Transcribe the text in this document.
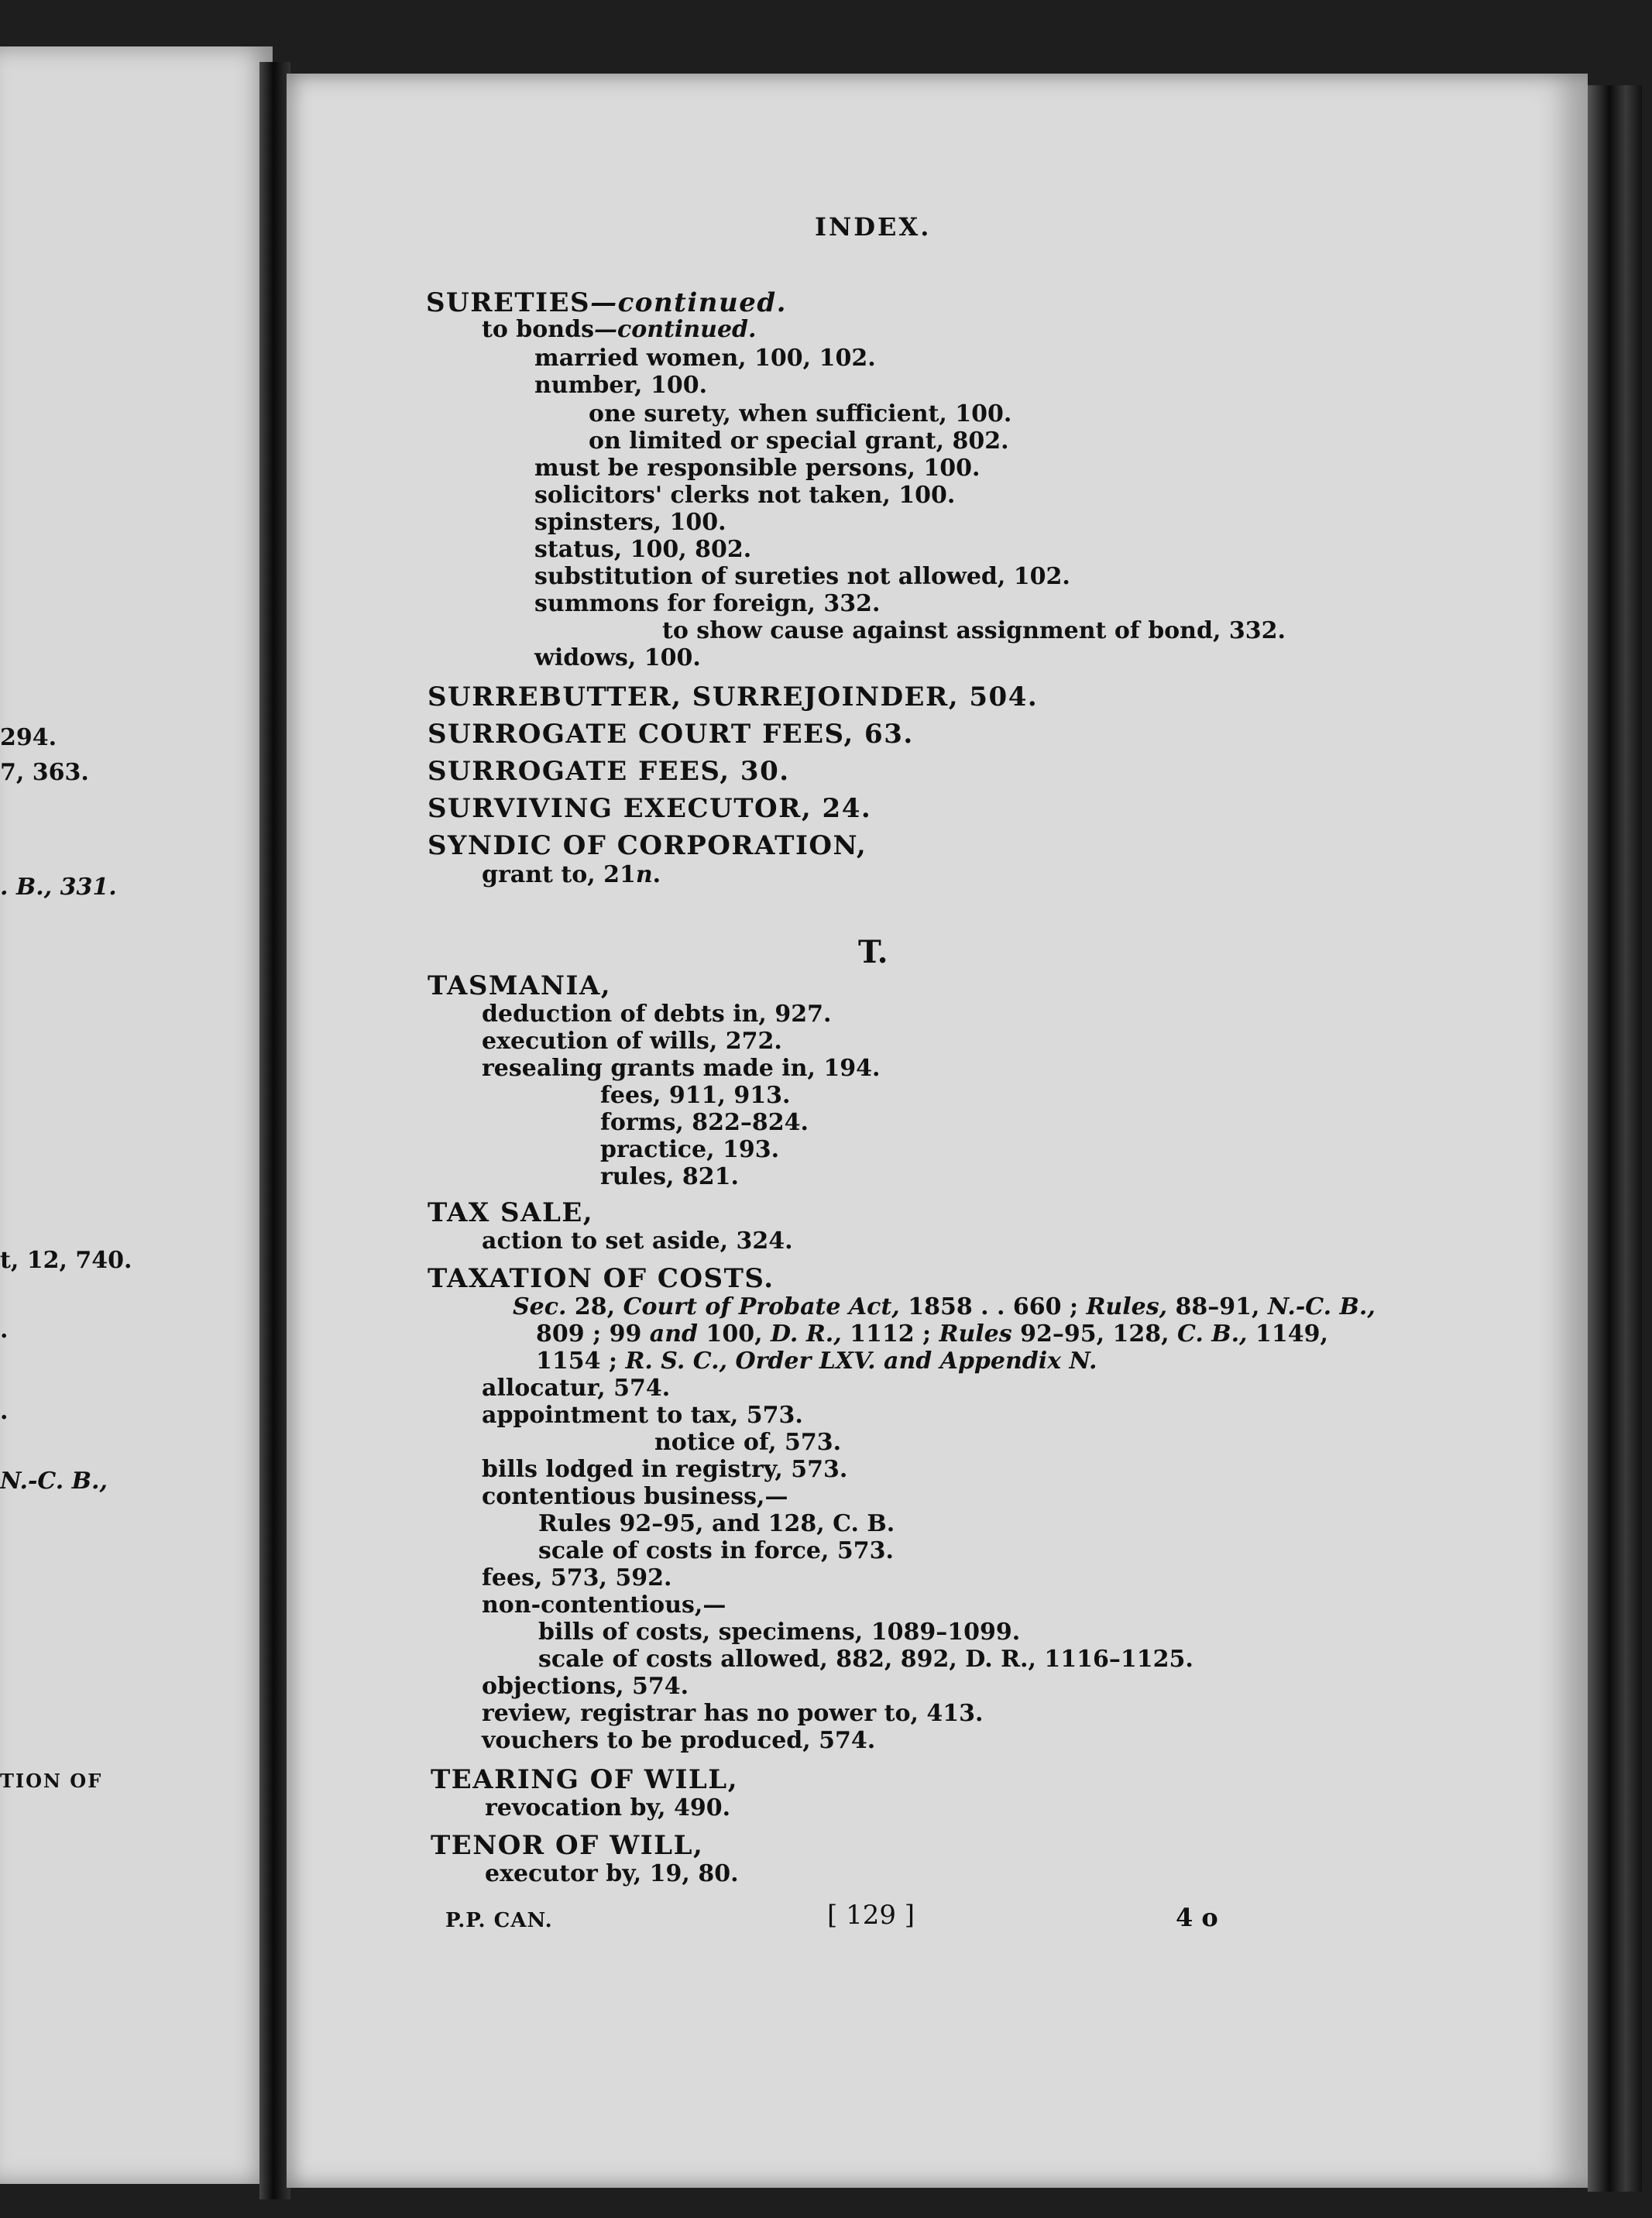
294.
7, 363.
. B., 331.
t, 12, 740.
.
.
N.-C. B.,
TION OF
INDEX.
SURETIES—continued.
to bonds—continued.
married women, 100, 102.
number, 100.
one surety, when sufficient, 100.
on limited or special grant, 802.
must be responsible persons, 100.
solicitors' clerks not taken, 100.
spinsters, 100.
status, 100, 802.
substitution of sureties not allowed, 102.
summons for foreign, 332.
to show cause against assignment of bond, 332.
widows, 100.
SURREBUTTER, SURREJOINDER, 504.
SURROGATE COURT FEES, 63.
SURROGATE FEES, 30.
SURVIVING EXECUTOR, 24.
SYNDIC OF CORPORATION,
grant to, 21n.
TASMANIA,
deduction of debts in, 927.
execution of wills, 272.
resealing grants made in, 194.
fees, 911, 913.
forms, 822–824.
practice, 193.
rules, 821.
TAX SALE,
action to set aside, 324.
TAXATION OF COSTS.
Sec. 28, Court of Probate Act, 1858 . . 660 ; Rules, 88–91, N.-C. B.,
809 ; 99 and 100, D. R., 1112 ; Rules 92–95, 128, C. B., 1149,
1154 ; R. S. C., Order LXV. and Appendix N.
allocatur, 574.
appointment to tax, 573.
notice of, 573.
bills lodged in registry, 573.
contentious business,—
Rules 92–95, and 128, C. B.
scale of costs in force, 573.
fees, 573, 592.
non-contentious,—
bills of costs, specimens, 1089–1099.
scale of costs allowed, 882, 892, D. R., 1116–1125.
objections, 574.
review, registrar has no power to, 413.
vouchers to be produced, 574.
TEARING OF WILL,
revocation by, 490.
TENOR OF WILL,
executor by, 19, 80.
T.
P.P. CAN.	[ 129 ]	4 o
